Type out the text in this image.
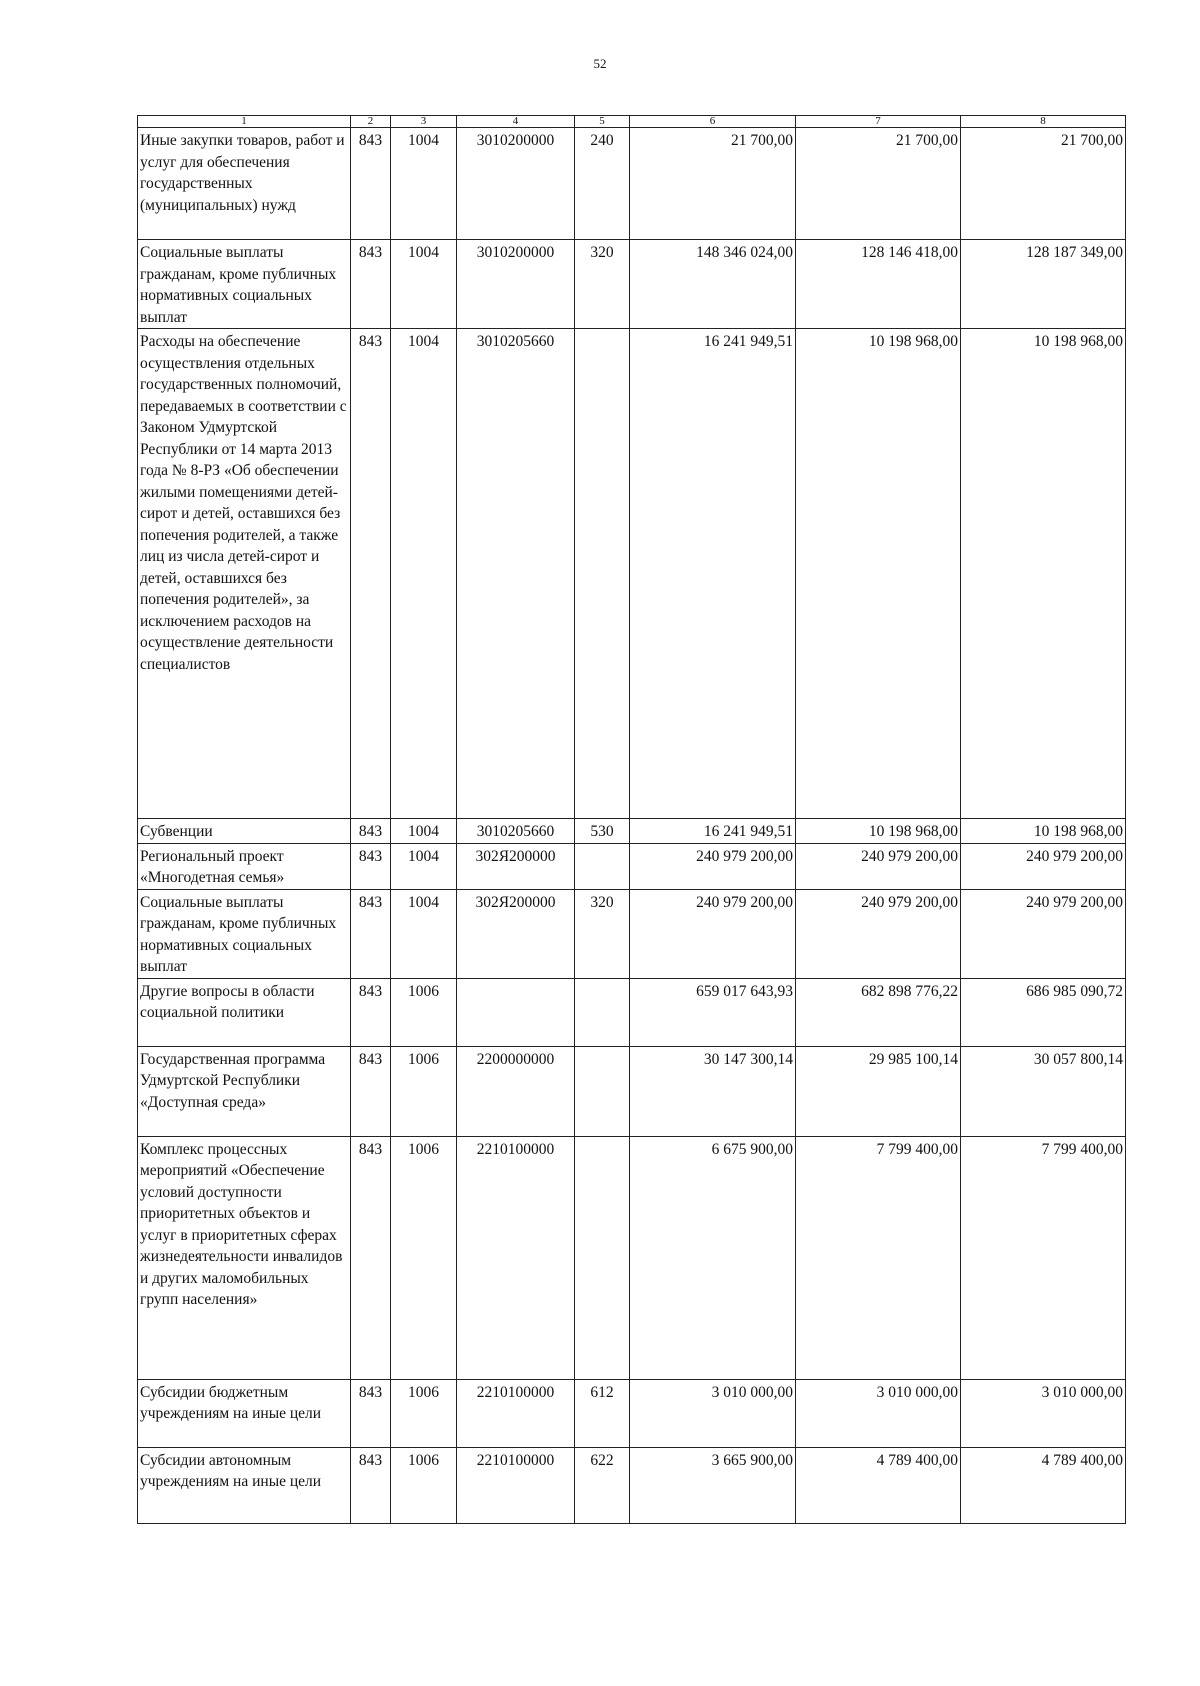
52
1	2	3	4	5	6	7	8
Иные закупки товаров, работ и услуг для обеспечения государственных (муниципальных) нужд	843	1004	3010200000	240	21 700,00	21 700,00	21 700,00
Социальные выплаты гражданам, кроме публичных нормативных социальных выплат	843	1004	3010200000	320	148 346 024,00	128 146 418,00	128 187 349,00
Расходы на обеспечение осуществления отдельных государственных полномочий, передаваемых в соответствии с Законом Удмуртской Республики от 14 марта 2013 года № 8-РЗ «Об обеспечении жилыми помещениями детей-сирот и детей, оставшихся без попечения родителей, а также лиц из числа детей-сирот и детей, оставшихся без попечения родителей», за исключением расходов на осуществление деятельности специалистов	843	1004	3010205660		16 241 949,51	10 198 968,00	10 198 968,00
Субвенции	843	1004	3010205660	530	16 241 949,51	10 198 968,00	10 198 968,00
Региональный проект «Многодетная семья»	843	1004	302Я200000		240 979 200,00	240 979 200,00	240 979 200,00
Социальные выплаты гражданам, кроме публичных нормативных социальных выплат	843	1004	302Я200000	320	240 979 200,00	240 979 200,00	240 979 200,00
Другие вопросы в области социальной политики	843	1006			659 017 643,93	682 898 776,22	686 985 090,72
Государственная программа Удмуртской Республики «Доступная среда»	843	1006	2200000000		30 147 300,14	29 985 100,14	30 057 800,14
Комплекс процессных мероприятий «Обеспечение условий доступности приоритетных объектов и услуг в приоритетных сферах жизнедеятельности инвалидов и других маломобильных групп населения»	843	1006	2210100000		6 675 900,00	7 799 400,00	7 799 400,00
Субсидии бюджетным учреждениям на иные цели	843	1006	2210100000	612	3 010 000,00	3 010 000,00	3 010 000,00
Субсидии автономным учреждениям на иные цели	843	1006	2210100000	622	3 665 900,00	4 789 400,00	4 789 400,00
